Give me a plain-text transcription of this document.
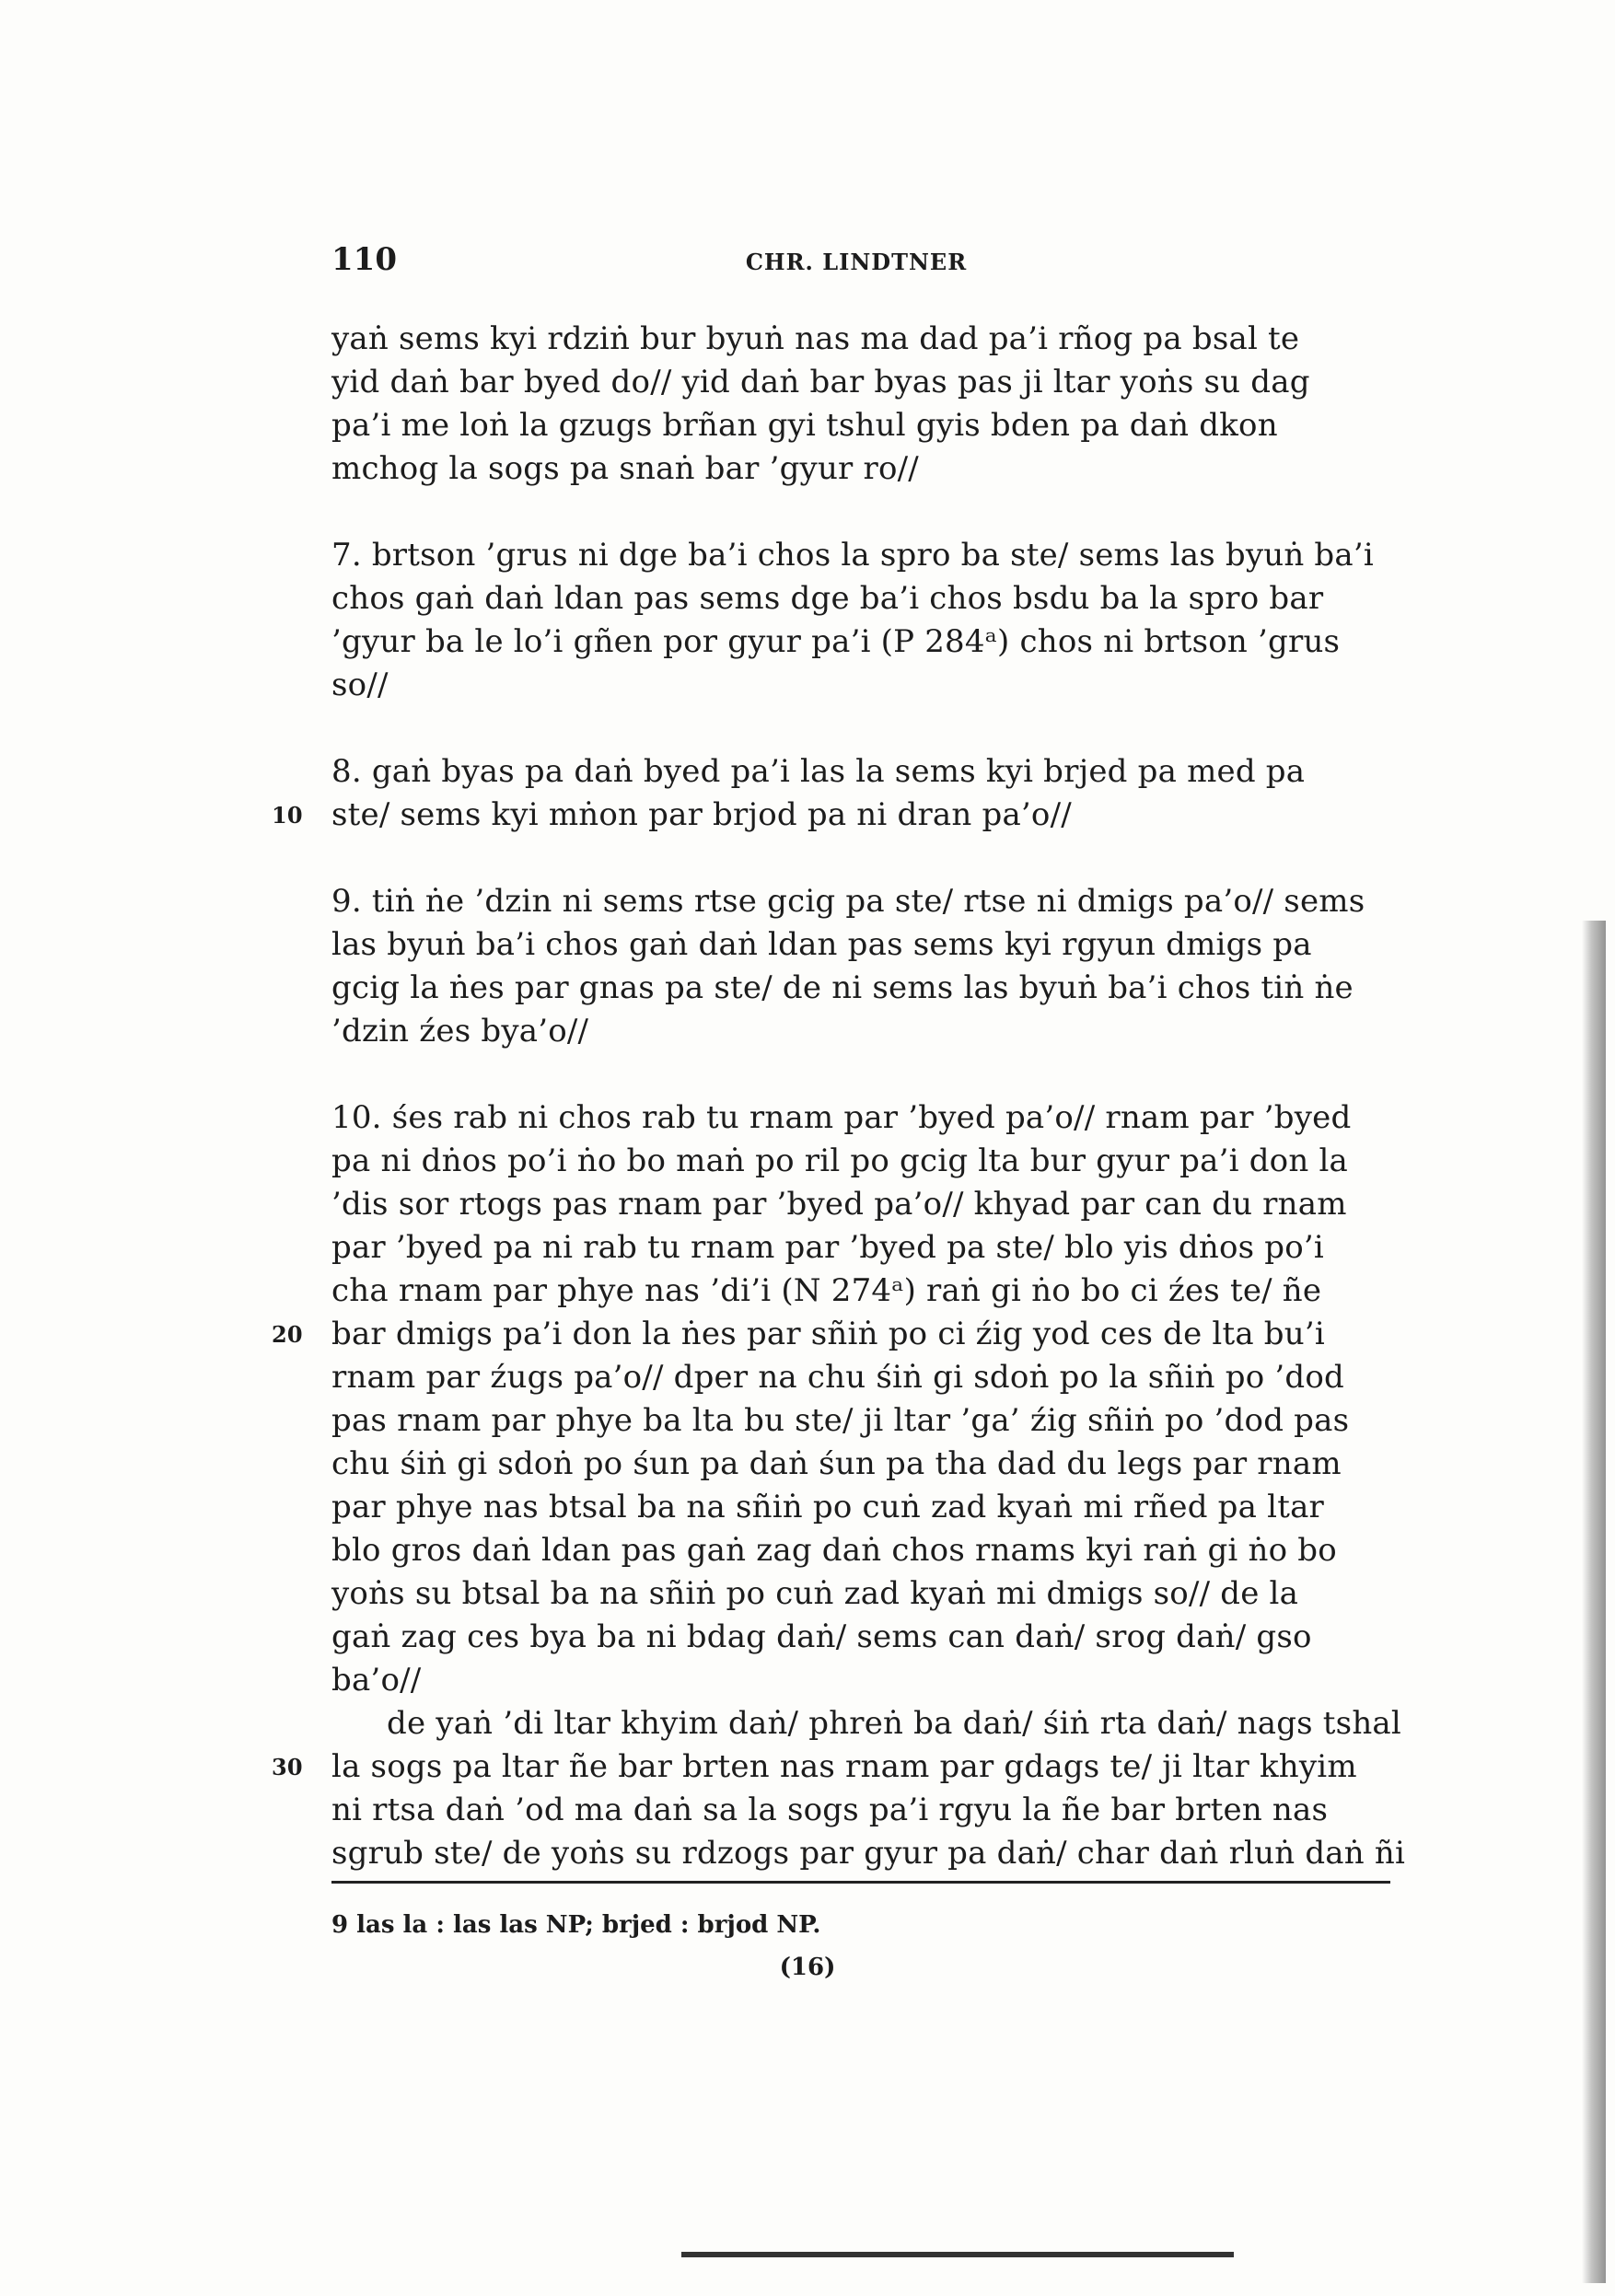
110	CHR. LINDTNER
yaṅ sems kyi rdziṅ bur byuṅ nas ma dad pa’i rñog pa bsal te
yid daṅ bar byed do// yid daṅ bar byas pas ji ltar yoṅs su dag
pa’i me loṅ la gzugs brñan gyi tshul gyis bden pa daṅ dkon
mchog la sogs pa snaṅ bar ’gyur ro//
7. brtson ’grus ni dge ba’i chos la spro ba ste/ sems las byuṅ ba’i
chos gaṅ daṅ ldan pas sems dge ba’i chos bsdu ba la spro bar
’gyur ba le lo’i gñen por gyur pa’i (P 284ᵃ) chos ni brtson ’grus
so//
8. gaṅ byas pa daṅ byed pa’i las la sems kyi brjed pa med pa
10 ste/ sems kyi mṅon par brjod pa ni dran pa’o//
9. tiṅ ṅe ’dzin ni sems rtse gcig pa ste/ rtse ni dmigs pa’o// sems
las byuṅ ba’i chos gaṅ daṅ ldan pas sems kyi rgyun dmigs pa
gcig la ṅes par gnas pa ste/ de ni sems las byuṅ ba’i chos tiṅ ṅe
’dzin źes bya’o//
10. śes rab ni chos rab tu rnam par ’byed pa’o// rnam par ’byed
pa ni dṅos po’i ṅo bo maṅ po ril po gcig lta bur gyur pa’i don la
’dis sor rtogs pas rnam par ’byed pa’o// khyad par can du rnam
par ’byed pa ni rab tu rnam par ’byed pa ste/ blo yis dṅos po’i
cha rnam par phye nas ’di’i (N 274ᵃ) raṅ gi ṅo bo ci źes te/ ñe
20 bar dmigs pa’i don la ṅes par sñiṅ po ci źig yod ces de lta bu’i
rnam par źugs pa’o// dper na chu śiṅ gi sdoṅ po la sñiṅ po ’dod
pas rnam par phye ba lta bu ste/ ji ltar ’ga’ źig sñiṅ po ’dod pas
chu śiṅ gi sdoṅ po śun pa daṅ śun pa tha dad du legs par rnam
par phye nas btsal ba na sñiṅ po cuṅ zad kyaṅ mi rñed pa ltar
blo gros daṅ ldan pas gaṅ zag daṅ chos rnams kyi raṅ gi ṅo bo
yoṅs su btsal ba na sñiṅ po cuṅ zad kyaṅ mi dmigs so// de la
gaṅ zag ces bya ba ni bdag daṅ/ sems can daṅ/ srog daṅ/ gso
ba’o//
de yaṅ ’di ltar khyim daṅ/ phreṅ ba daṅ/ śiṅ rta daṅ/ nags tshal
30 la sogs pa ltar ñe bar brten nas rnam par gdags te/ ji ltar khyim
ni rtsa daṅ ’od ma daṅ sa la sogs pa’i rgyu la ñe bar brten nas
sgrub ste/ de yoṅs su rdzogs par gyur pa daṅ/ char daṅ rluṅ daṅ ñi
9 las la : las las NP; brjed : brjod NP.
(16)
